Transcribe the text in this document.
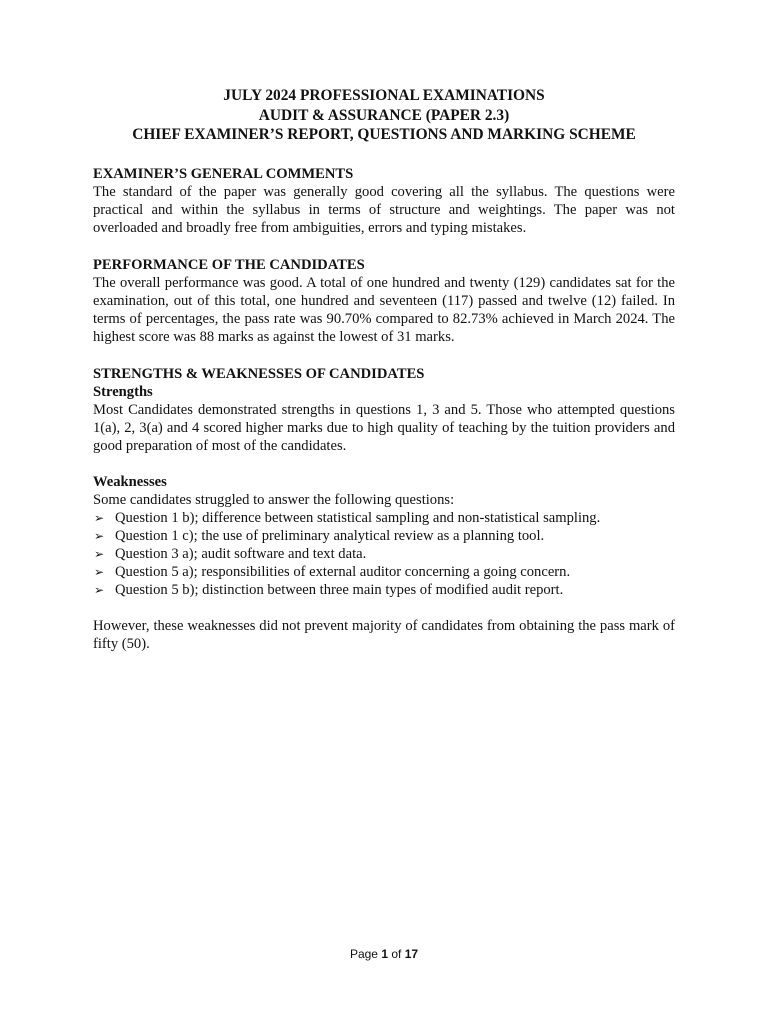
JULY 2024 PROFESSIONAL EXAMINATIONS
AUDIT & ASSURANCE (PAPER 2.3)
CHIEF EXAMINER’S REPORT, QUESTIONS AND MARKING SCHEME
EXAMINER’S GENERAL COMMENTS

The standard of the paper was generally good covering all the syllabus. The questions were practical and within the syllabus in terms of structure and weightings. The paper was not overloaded and broadly free from ambiguities, errors and typing mistakes.

PERFORMANCE OF THE CANDIDATES

The overall performance was good. A total of one hundred and twenty (129) candidates sat for the examination, out of this total, one hundred and seventeen (117) passed and twelve (12) failed. In terms of percentages, the pass rate was 90.70% compared to 82.73% achieved in March 2024. The highest score was 88 marks as against the lowest of 31 marks.

STRENGTHS & WEAKNESSES OF CANDIDATES
Strengths

Most Candidates demonstrated strengths in questions 1, 3 and 5. Those who attempted questions 1(a), 2, 3(a) and 4 scored higher marks due to high quality of teaching by the tuition providers and good preparation of most of the candidates.

Weaknesses

Some candidates struggled to answer the following questions:

➢ Question 1 b); difference between statistical sampling and non-statistical sampling.
➢ Question 1 c); the use of preliminary analytical review as a planning tool.
➢ Question 3 a); audit software and text data.
➢ Question 5 a); responsibilities of external auditor concerning a going concern.
➢ Question 5 b); distinction between three main types of modified audit report.

However, these weaknesses did not prevent majority of candidates from obtaining the pass mark of fifty (50).

Page 1 of 17
